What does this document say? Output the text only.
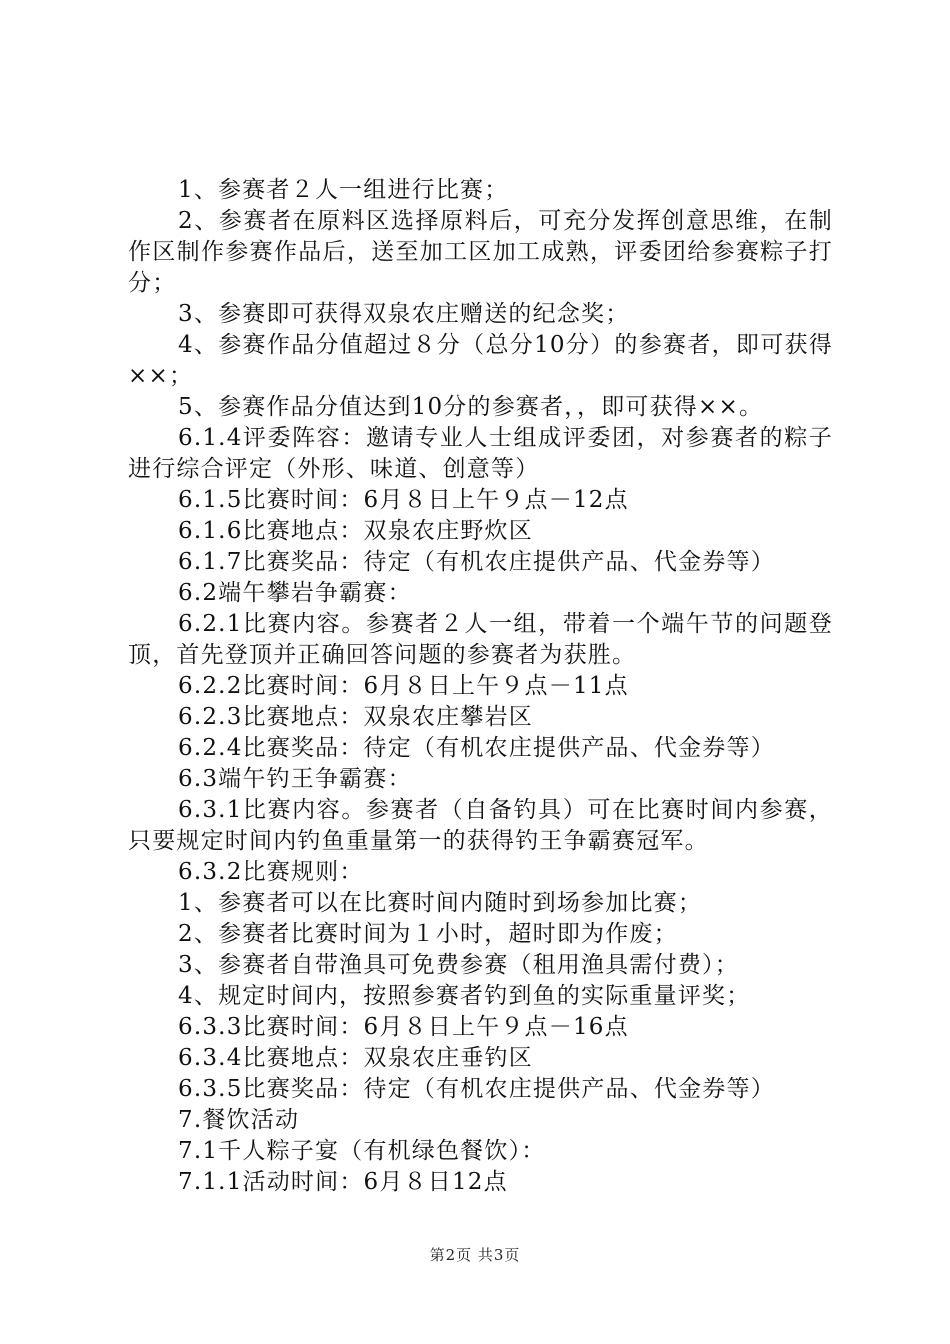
1、参赛者２人一组进行比赛；

2、参赛者在原料区选择原料后，可充分发挥创意思维，在制作区制作参赛作品后，送至加工区加工成熟，评委团给参赛粽子打分；

3、参赛即可获得双泉农庄赠送的纪念奖；

4、参赛作品分值超过８分（总分10分）的参赛者，即可获得××；

5、参赛作品分值达到10分的参赛者，，即可获得××。

6.1.4评委阵容：邀请专业人士组成评委团，对参赛者的粽子进行综合评定（外形、味道、创意等）

6.1.5比赛时间：6月８日上午９点－12点

6.1.6比赛地点：双泉农庄野炊区

6.1.7比赛奖品：待定（有机农庄提供产品、代金券等）

6.2端午攀岩争霸赛：

6.2.1比赛内容。参赛者２人一组，带着一个端午节的问题登顶，首先登顶并正确回答问题的参赛者为获胜。

6.2.2比赛时间：6月８日上午９点－11点

6.2.3比赛地点：双泉农庄攀岩区

6.2.4比赛奖品：待定（有机农庄提供产品、代金券等）

6.3端午钓王争霸赛：

6.3.1比赛内容。参赛者（自备钓具）可在比赛时间内参赛，只要规定时间内钓鱼重量第一的获得钓王争霸赛冠军。

6.3.2比赛规则：

1、参赛者可以在比赛时间内随时到场参加比赛；

2、参赛者比赛时间为１小时，超时即为作废；

3、参赛者自带渔具可免费参赛（租用渔具需付费）；

4、规定时间内，按照参赛者钓到鱼的实际重量评奖；

6.3.3比赛时间：6月８日上午９点－16点

6.3.4比赛地点：双泉农庄垂钓区

6.3.5比赛奖品：待定（有机农庄提供产品、代金券等）

7.餐饮活动

7.1千人粽子宴（有机绿色餐饮）：

7.1.1活动时间：6月８日12点

第2页 共3页
